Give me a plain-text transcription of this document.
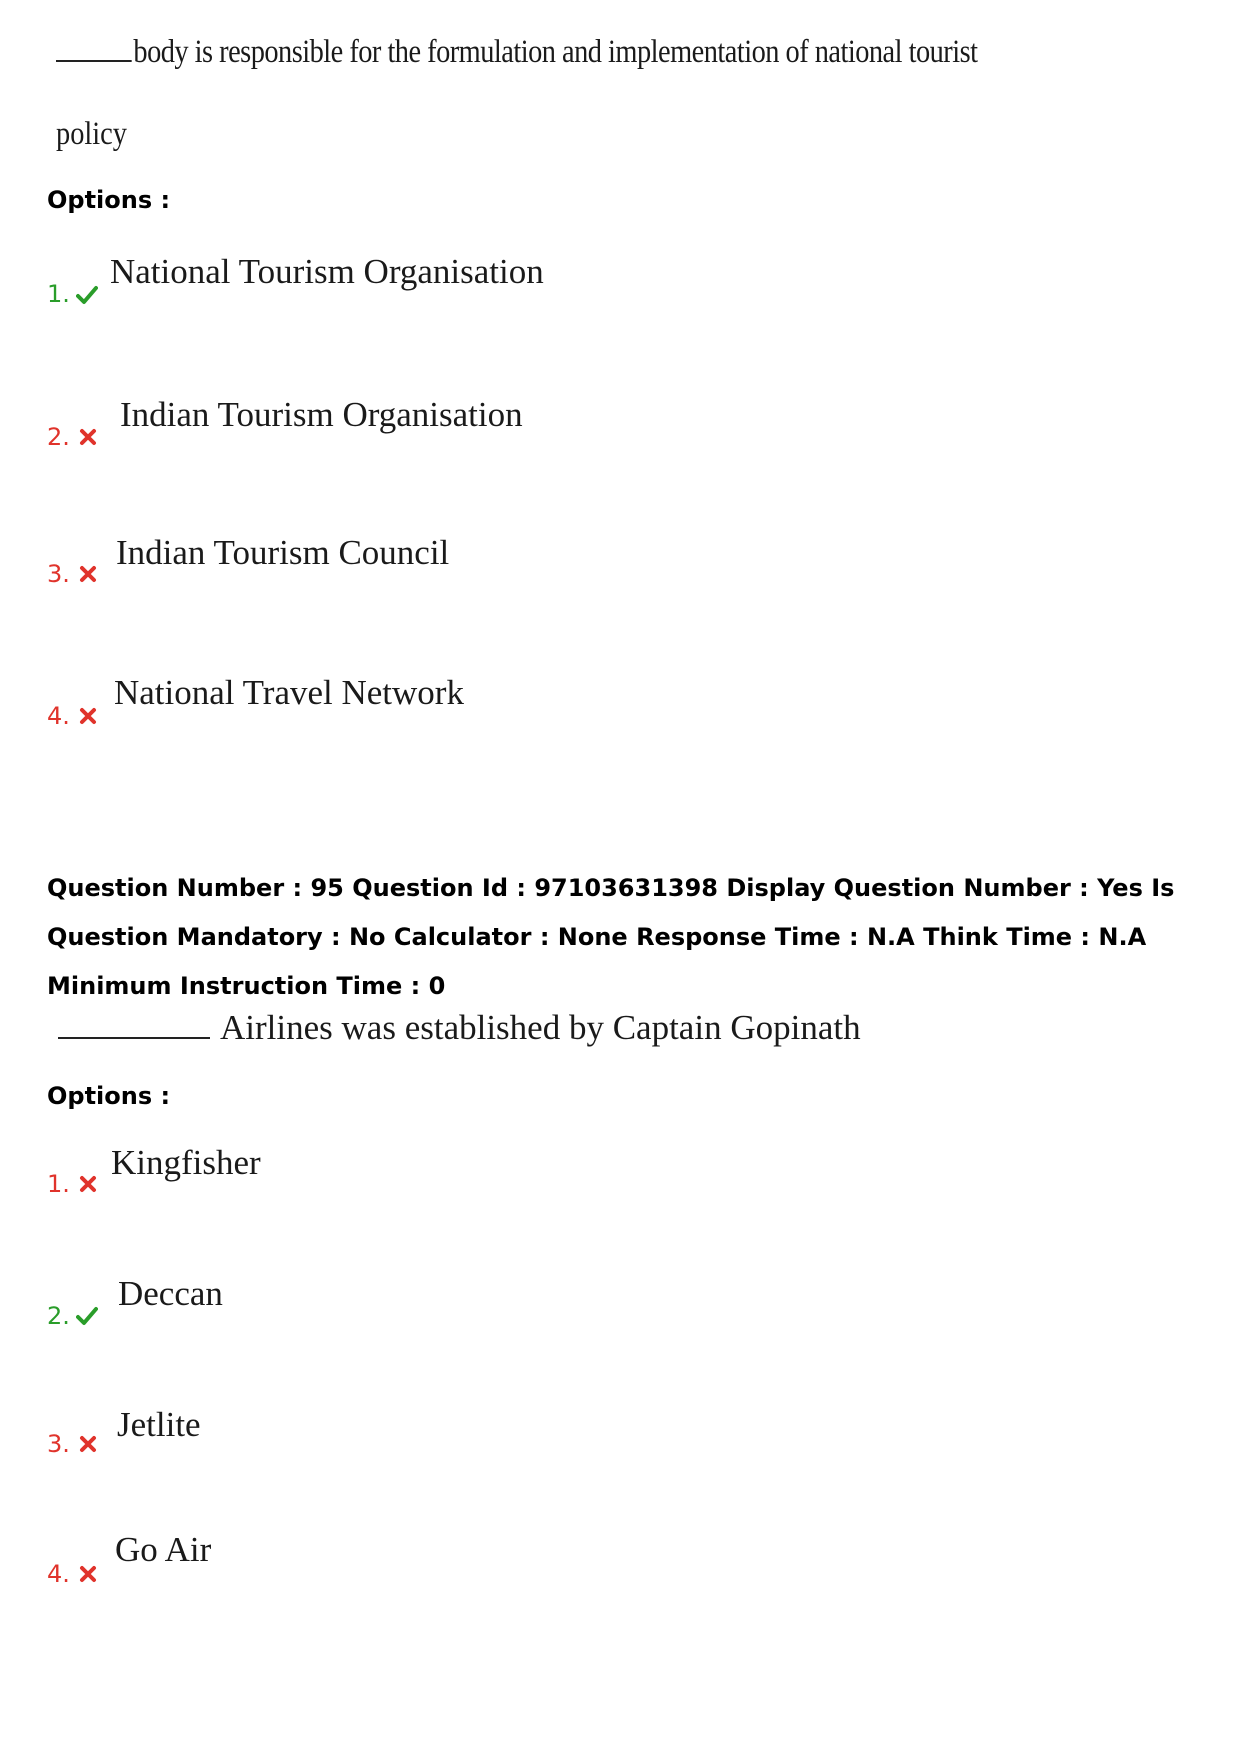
body is responsible for the formulation and implementation of national tourist
policy
Options :
1.
National Tourism Organisation
2.
Indian Tourism Organisation
3.
Indian Tourism Council
4.
National Travel Network
Question Number : 95 Question Id : 97103631398 Display Question Number : Yes Is Question Mandatory : No Calculator : None Response Time : N.A Think Time : N.A Minimum Instruction Time : 0
Airlines was established by Captain Gopinath
Options :
1.
Kingfisher
2.
Deccan
3. Jetlite
4.
Go Air
